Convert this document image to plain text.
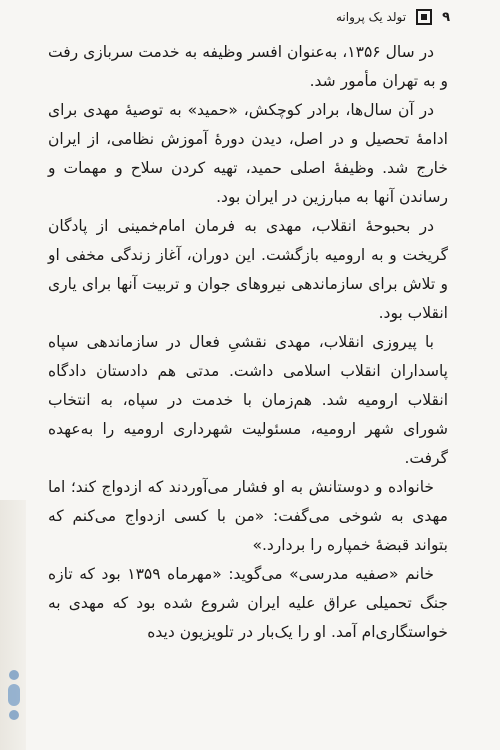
۹
تولد یک پروانه

در سال ۱۳۵۶، به‌عنوان افسر وظیفه به خدمت سربازی رفت و به تهران مأمور شد.

در آن سال‌ها، برادر کوچکش، «حمید» به توصیهٔ مهدی برای ادامهٔ تحصیل و در اصل، دیدن دورهٔ آموزش نظامی، از ایران خارج شد. وظیفهٔ اصلی حمید، تهیه کردن سلاح و مهمات و رساندن آنها به مبارزین در ایران بود.

در بحبوحهٔ انقلاب، مهدی به فرمان امام‌خمینی از پادگان گریخت و به ارومیه بازگشت. این دوران، آغاز زندگی مخفی او و تلاش برای سازماندهی نیروهای جوان و تربیت آنها برای یاری انقلاب بود.

با پیروزی انقلاب، مهدی نقشیِ فعال در سازماندهی سپاه پاسداران انقلاب اسلامی داشت. مدتی هم دادستان دادگاه انقلاب ارومیه شد. هم‌زمان با خدمت در سپاه، به انتخاب شورای شهر ارومیه، مسئولیت شهرداری ارومیه را به‌عهده گرفت.

خانواده و دوستانش به او فشار می‌آوردند که ازدواج کند؛ اما مهدی به شوخی می‌گفت: «من با کسی ازدواج می‌کنم که بتواند قبضهٔ خمپاره را بردارد.»

خانم «صفیه مدرسی» می‌گوید: «مهرماه ۱۳۵۹ بود که تازه جنگ تحمیلی عراق علیه ایران شروع شده بود که مهدی به خواستگاری‌ام آمد. او را یک‌بار در تلویزیون دیده
